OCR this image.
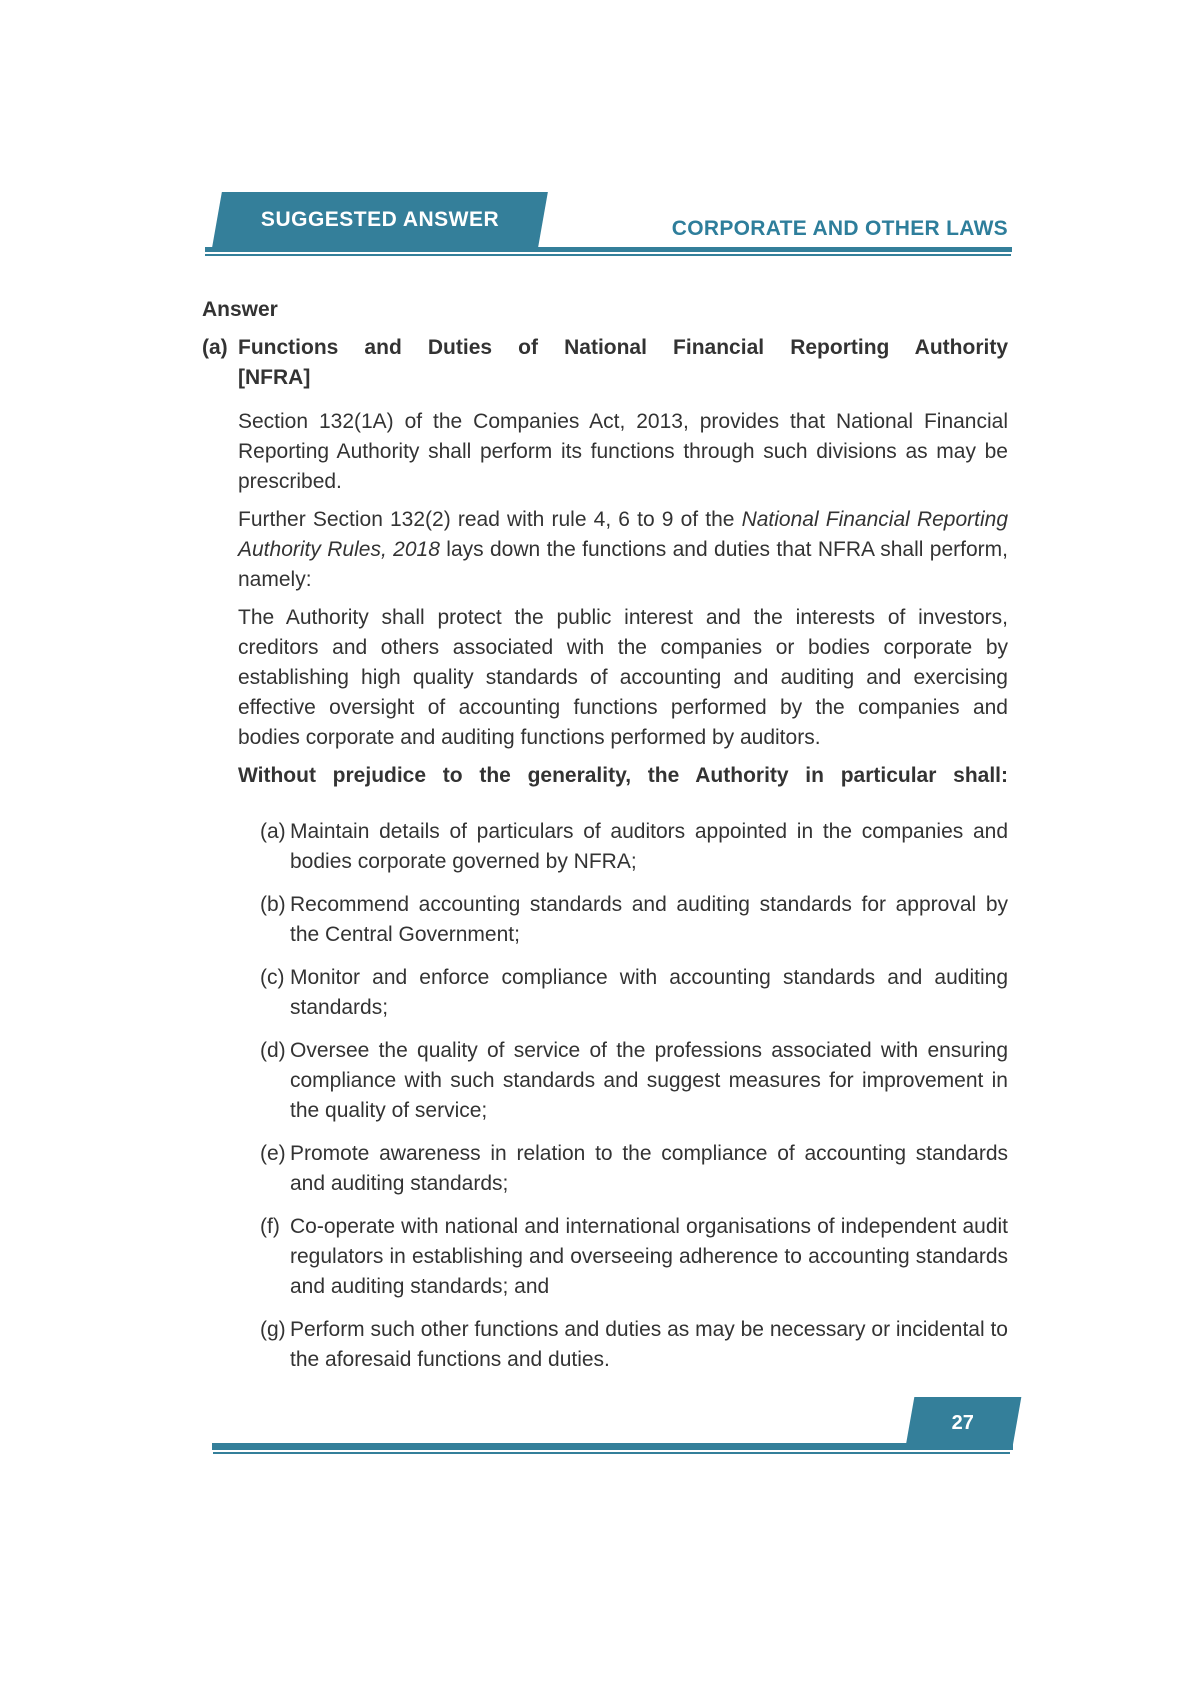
SUGGESTED ANSWER	CORPORATE AND OTHER LAWS

Answer

(a) Functions and Duties of National Financial Reporting Authority
[NFRA]

Section 132(1A) of the Companies Act, 2013, provides that National Financial Reporting Authority shall perform its functions through such divisions as may be prescribed.

Further Section 132(2) read with rule 4, 6 to 9 of the National Financial Reporting Authority Rules, 2018 lays down the functions and duties that NFRA shall perform, namely:

The Authority shall protect the public interest and the interests of investors, creditors and others associated with the companies or bodies corporate by establishing high quality standards of accounting and auditing and exercising effective oversight of accounting functions performed by the companies and bodies corporate and auditing functions performed by auditors.

Without prejudice to the generality, the Authority in particular shall:

(a) Maintain details of particulars of auditors appointed in the companies and bodies corporate governed by NFRA;
(b) Recommend accounting standards and auditing standards for approval by the Central Government;
(c) Monitor and enforce compliance with accounting standards and auditing standards;
(d) Oversee the quality of service of the professions associated with ensuring compliance with such standards and suggest measures for improvement in the quality of service;
(e) Promote awareness in relation to the compliance of accounting standards and auditing standards;
(f) Co-operate with national and international organisations of independent audit regulators in establishing and overseeing adherence to accounting standards and auditing standards; and
(g) Perform such other functions and duties as may be necessary or incidental to the aforesaid functions and duties.
27
